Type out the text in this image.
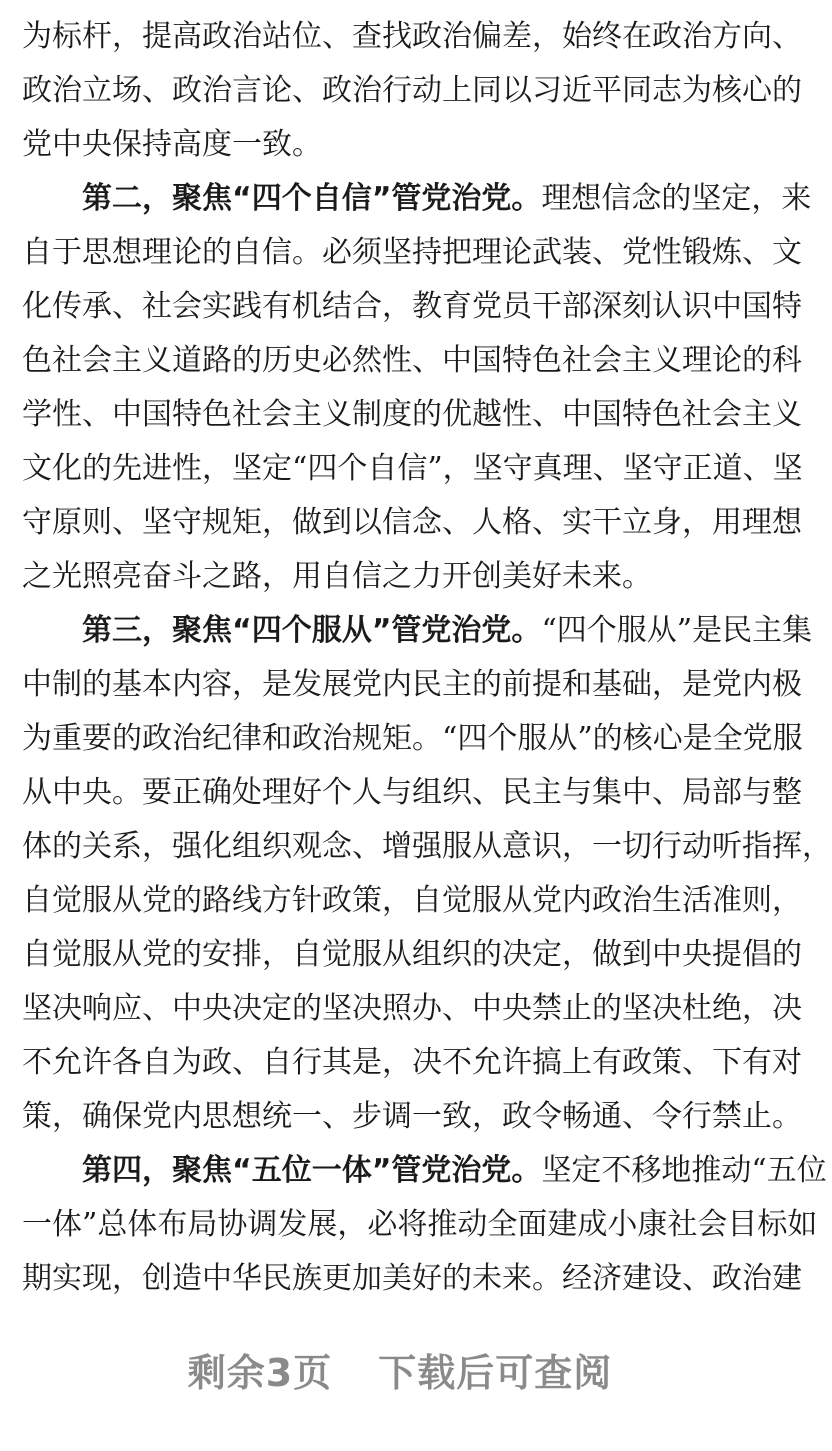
为标杆，提高政治站位、查找政治偏差，始终在政治方向、
政治立场、政治言论、政治行动上同以习近平同志为核心的
党中央保持高度一致。
第二，聚焦“四个自信”管党治党。理想信念的坚定，来
自于思想理论的自信。必须坚持把理论武装、党性锻炼、文
化传承、社会实践有机结合，教育党员干部深刻认识中国特
色社会主义道路的历史必然性、中国特色社会主义理论的科
学性、中国特色社会主义制度的优越性、中国特色社会主义
文化的先进性，坚定“四个自信”，坚守真理、坚守正道、坚
守原则、坚守规矩，做到以信念、人格、实干立身，用理想
之光照亮奋斗之路，用自信之力开创美好未来。
第三，聚焦“四个服从”管党治党。“四个服从”是民主集
中制的基本内容，是发展党内民主的前提和基础，是党内极
为重要的政治纪律和政治规矩。“四个服从”的核心是全党服
从中央。要正确处理好个人与组织、民主与集中、局部与整
体的关系，强化组织观念、增强服从意识，一切行动听指挥，
自觉服从党的路线方针政策，自觉服从党内政治生活准则，
自觉服从党的安排，自觉服从组织的决定，做到中央提倡的
坚决响应、中央决定的坚决照办、中央禁止的坚决杜绝，决
不允许各自为政、自行其是，决不允许搞上有政策、下有对
策，确保党内思想统一、步调一致，政令畅通、令行禁止。
第四，聚焦“五位一体”管党治党。坚定不移地推动“五位
一体”总体布局协调发展，必将推动全面建成小康社会目标如
期实现，创造中华民族更加美好的未来。经济建设、政治建
剩余3页 下载后可查阅
